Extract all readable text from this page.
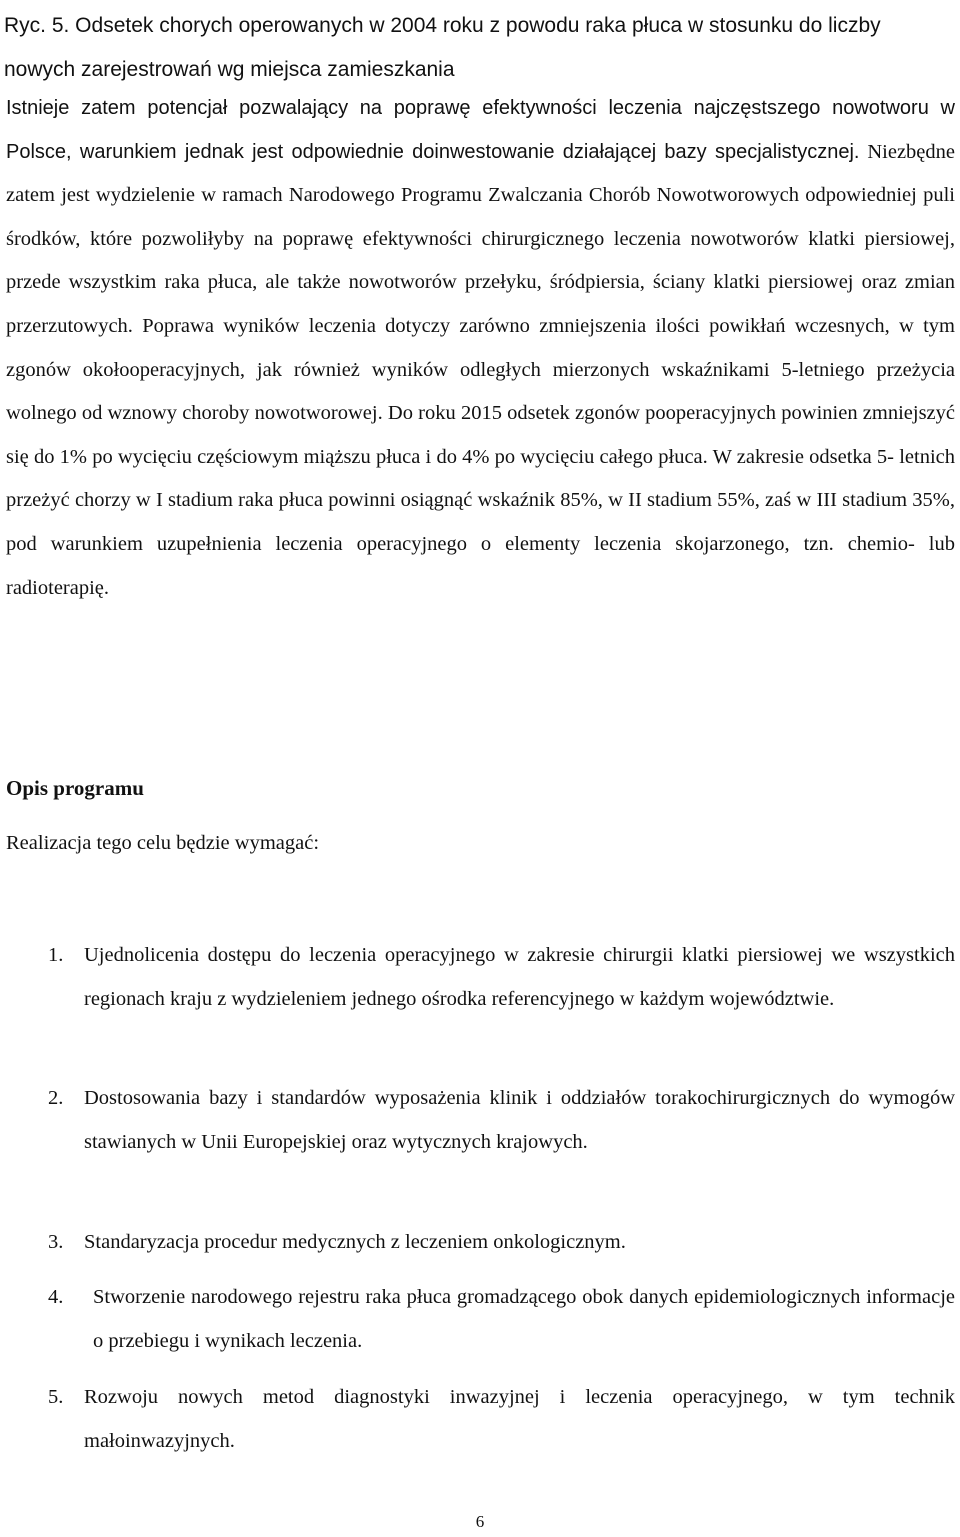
Ryc. 5. Odsetek chorych operowanych w 2004 roku z powodu raka płuca w stosunku do liczby nowych zarejestrowań wg miejsca zamieszkania

Istnieje zatem potencjał pozwalający na poprawę efektywności leczenia najczęstszego nowotworu w Polsce, warunkiem jednak jest odpowiednie doinwestowanie działającej bazy specjalistycznej. Niezbędne zatem jest wydzielenie w ramach Narodowego Programu Zwalczania Chorób Nowotworowych odpowiedniej puli środków, które pozwoliłyby na poprawę efektywności chirurgicznego leczenia nowotworów klatki piersiowej, przede wszystkim raka płuca, ale także nowotworów przełyku, śródpiersia, ściany klatki piersiowej oraz zmian przerzutowych. Poprawa wyników leczenia dotyczy zarówno zmniejszenia ilości powikłań wczesnych, w tym zgonów okołooperacyjnych, jak również wyników odległych mierzonych wskaźnikami 5-letniego przeżycia wolnego od wznowy choroby nowotworowej. Do roku 2015 odsetek zgonów pooperacyjnych powinien zmniejszyć się do 1% po wycięciu częściowym miąższu płuca i do 4% po wycięciu całego płuca. W zakresie odsetka 5- letnich przeżyć chorzy w I stadium raka płuca powinni osiągnąć wskaźnik 85%, w II stadium 55%, zaś w III stadium 35%, pod warunkiem uzupełnienia leczenia operacyjnego o elementy leczenia skojarzonego, tzn. chemio- lub radioterapię.

Opis programu

Realizacja tego celu będzie wymagać:

1. Ujednolicenia dostępu do leczenia operacyjnego w zakresie chirurgii klatki piersiowej we wszystkich regionach kraju z wydzieleniem jednego ośrodka referencyjnego w każdym województwie.
2. Dostosowania bazy i standardów wyposażenia klinik i oddziałów torakochirurgicznych do wymogów stawianych w Unii Europejskiej oraz wytycznych krajowych.
3. Standaryzacja procedur medycznych z leczeniem onkologicznym.
4. Stworzenie narodowego rejestru raka płuca gromadzącego obok danych epidemiologicznych informacje o przebiegu i wynikach leczenia.
5. Rozwoju nowych metod diagnostyki inwazyjnej i leczenia operacyjnego, w tym technik małoinwazyjnych.

6
